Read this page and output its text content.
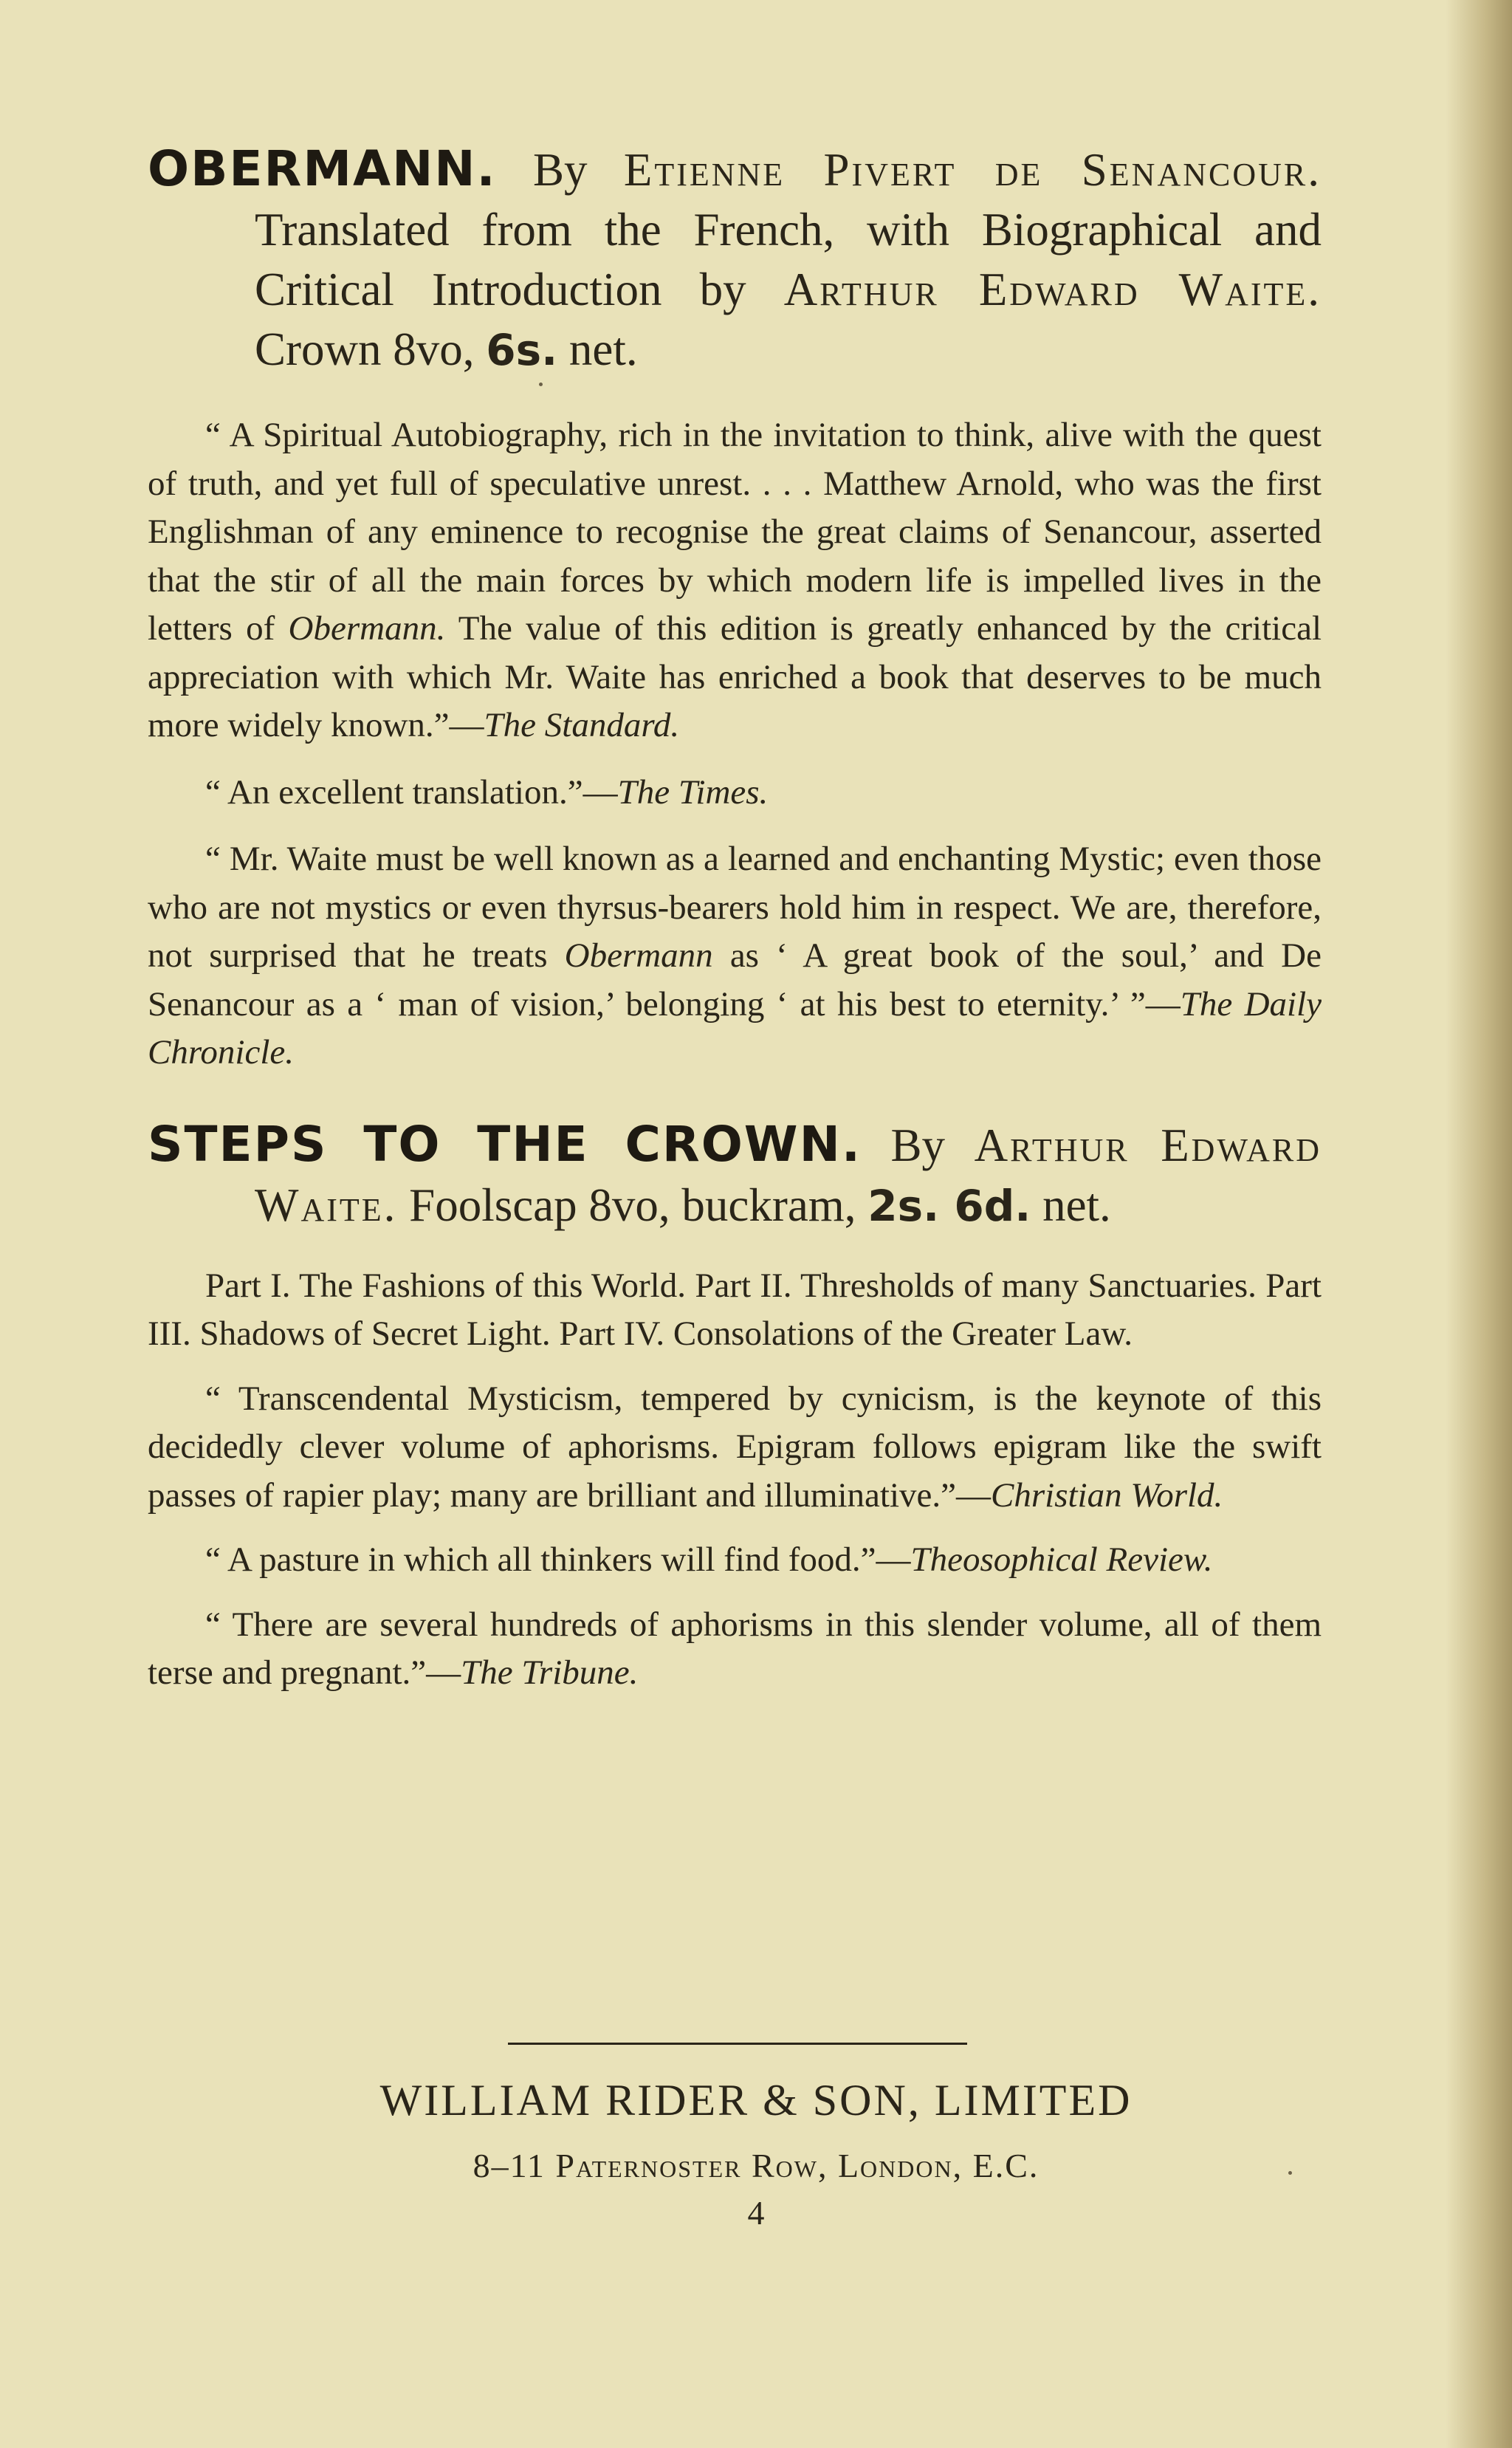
OBERMANN. By Etienne Pivert de Senancour. Translated from the French, with Biographical and Critical Introduction by Arthur Edward Waite. Crown 8vo, 6s. net.

“ A Spiritual Autobiography, rich in the invitation to think, alive with the quest of truth, and yet full of speculative unrest. . . . Matthew Arnold, who was the first Englishman of any eminence to recognise the great claims of Senancour, asserted that the stir of all the main forces by which modern life is impelled lives in the letters of Obermann. The value of this edition is greatly enhanced by the critical appreciation with which Mr. Waite has enriched a book that deserves to be much more widely known.”—The Standard.

“ An excellent translation.”—The Times.

“ Mr. Waite must be well known as a learned and enchanting Mystic; even those who are not mystics or even thyrsus-bearers hold him in respect. We are, therefore, not surprised that he treats Obermann as ‘ A great book of the soul,’ and De Senancour as a ‘ man of vision,’ belonging ‘ at his best to eternity.’ ”—The Daily Chronicle.

STEPS TO THE CROWN. By Arthur Edward Waite. Foolscap 8vo, buckram, 2s. 6d. net.

Part I. The Fashions of this World. Part II. Thresholds of many Sanctuaries. Part III. Shadows of Secret Light. Part IV. Consolations of the Greater Law.

“ Transcendental Mysticism, tempered by cynicism, is the keynote of this decidedly clever volume of aphorisms. Epigram follows epigram like the swift passes of rapier play; many are brilliant and illuminative.”—Christian World.

“ A pasture in which all thinkers will find food.”—Theosophical Review.

“ There are several hundreds of aphorisms in this slender volume, all of them terse and pregnant.”—The Tribune.

WILLIAM RIDER & SON, LIMITED
8–11 Paternoster Row, London, E.C.
4
